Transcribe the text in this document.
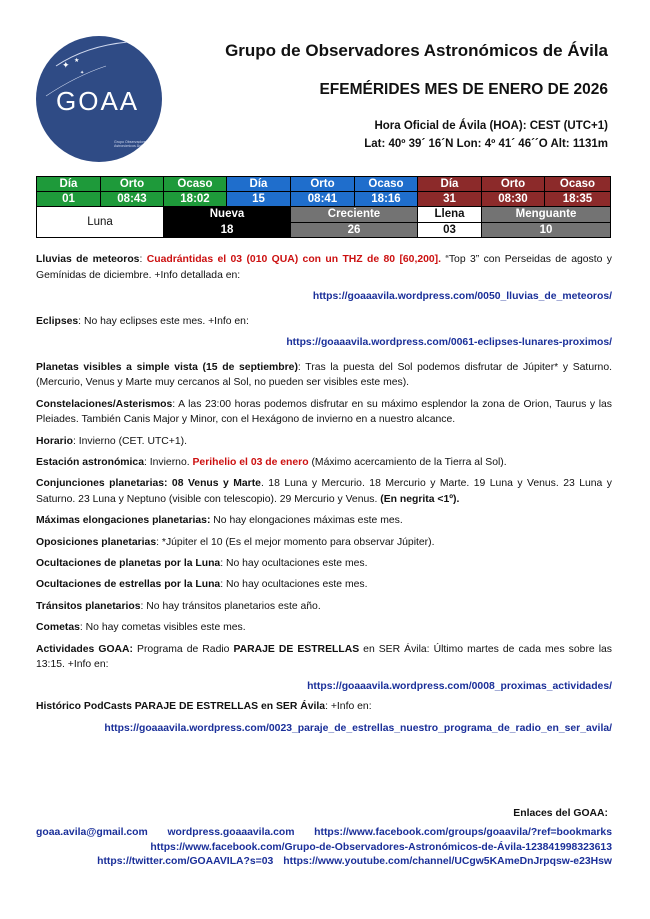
✦ ★
✦
GOAA
Grupo Observadores Astronómicos Ávila
Grupo de Observadores Astronómicos de Ávila
EFEMÉRIDES MES DE ENERO DE 2026
Hora Oficial de Ávila (HOA): CEST (UTC+1)
Lat: 40º 39´ 16´N Lon: 4º 41´ 46´´O Alt: 1131m
Día	Orto	Ocaso	Día	Orto	Ocaso	Día	Orto	Ocaso
01	08:43	18:02	15	08:41	18:16	31	08:30	18:35
Luna		Nueva		Creciente		Llena	Menguante	
		18		26		03	10	

Lluvias de meteoros: Cuadrántidas el 03 (010 QUA) con un THZ de 80 [60,200]. “Top 3” con Perseidas de agosto y Gemínidas de diciembre. +Info detallada en:

https://goaaavila.wordpress.com/0050_lluvias_de_meteoros/

Eclipses: No hay eclipses este mes. +Info en:

https://goaaavila.wordpress.com/0061-eclipses-lunares-proximos/

Planetas visibles a simple vista (15 de septiembre): Tras la puesta del Sol podemos disfrutar de Júpiter* y Saturno. (Mercurio, Venus y Marte muy cercanos al Sol, no pueden ser visibles este mes).

Constelaciones/Asterismos: A las 23:00 horas podemos disfrutar en su máximo esplendor la zona de Orion, Taurus y las Pleiades. También Canis Major y Minor, con el Hexágono de invierno en a nuestro alcance.

Horario: Invierno (CET. UTC+1).

Estación astronómica: Invierno. Perihelio el 03 de enero (Máximo acercamiento de la Tierra al Sol).

Conjunciones planetarias: 08 Venus y Marte. 18 Luna y Mercurio. 18 Mercurio y Marte. 19 Luna y Venus. 23 Luna y Saturno. 23 Luna y Neptuno (visible con telescopio). 29 Mercurio y Venus. (En negrita <1º).

Máximas elongaciones planetarias: No hay elongaciones máximas este mes.

Oposiciones planetarias: *Júpiter el 10 (Es el mejor momento para observar Júpiter).

Ocultaciones de planetas por la Luna: No hay ocultaciones este mes.

Ocultaciones de estrellas por la Luna: No hay ocultaciones este mes.

Tránsitos planetarios: No hay tránsitos planetarios este año.

Cometas: No hay cometas visibles este mes.

Actividades GOAA: Programa de Radio PARAJE DE ESTRELLAS en SER Ávila: Último martes de cada mes sobre las 13:15. +Info en:

https://goaaavila.wordpress.com/0008_proximas_actividades/

Histórico PodCasts PARAJE DE ESTRELLAS en SER Ávila: +Info en:

https://goaaavila.wordpress.com/0023_paraje_de_estrellas_nuestro_programa_de_radio_en_ser_avila/
Enlaces del GOAA:
goaa.avila@gmail.com wordpress.goaaavila.com https://www.facebook.com/groups/goaavila/?ref=bookmarks
https://www.facebook.com/Grupo-de-Observadores-Astronómicos-de-Ávila-123841998323613
https://twitter.com/GOAAVILA?s=03 https://www.youtube.com/channel/UCgw5KAmeDnJrpqsw-e23Hsw
